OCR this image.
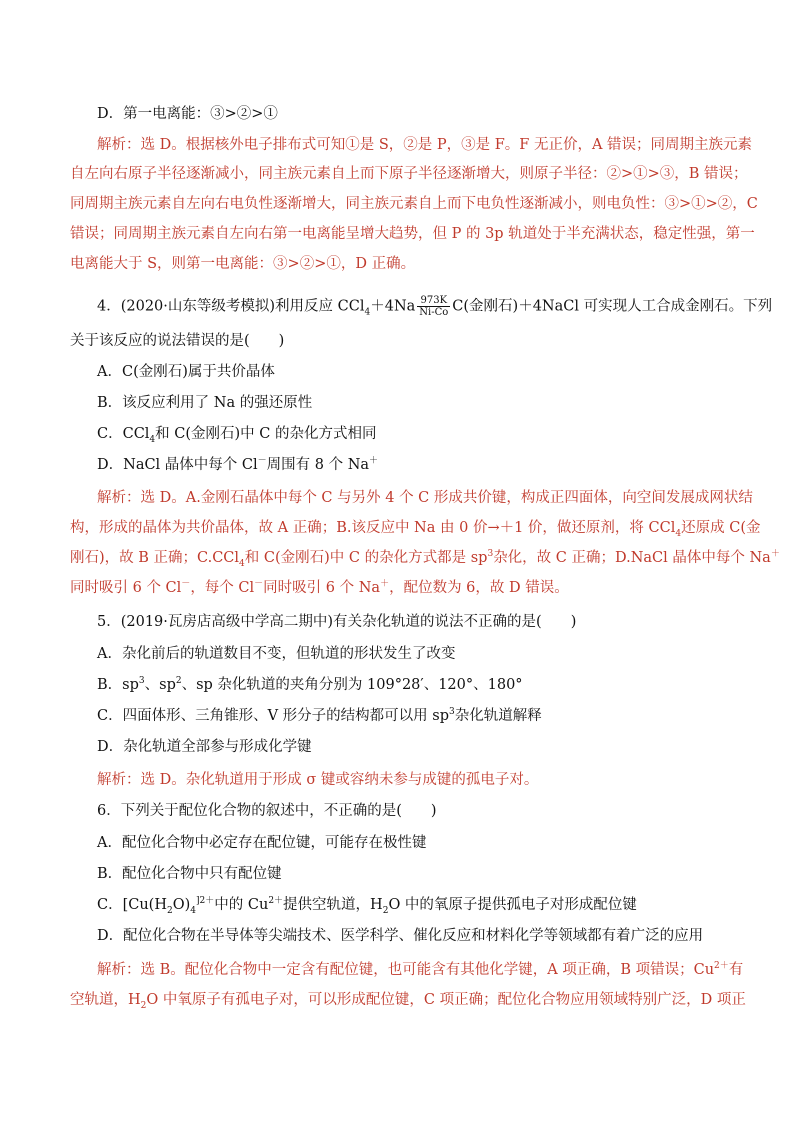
D．第一电离能：③>②>①
解析：选 D。根据核外电子排布式可知①是 S，②是 P，③是 F。F 无正价，A 错误；同周期主族元素
自左向右原子半径逐渐减小，同主族元素自上而下原子半径逐渐增大，则原子半径：②>①>③，B 错误；
同周期主族元素自左向右电负性逐渐增大，同主族元素自上而下电负性逐渐减小，则电负性：③>①>②，C
错误；同周期主族元素自左向右第一电离能呈增大趋势，但 P 的 3p 轨道处于半充满状态，稳定性强，第一
电离能大于 S，则第一电离能：③>②>①，D 正确。
4．(2020·山东等级考模拟)利用反应 $CCl_4+4Na \frac{973K}{Ni-Co} C$(金刚石)＋4NaCl 可实现人工合成金刚石。下列
关于该反应的说法错误的是(　　)
A．C(金刚石)属于共价晶体
B．该反应利用了 Na 的强还原性
C．CCl$_4$和 C(金刚石)中 C 的杂化方式相同
D．NaCl 晶体中每个 Cl－周围有 8 个 Na＋
解析：选 D。A.金刚石晶体中每个 C 与另外 4 个 C 形成共价键，构成正四面体，向空间发展成网状结
构，形成的晶体为共价晶体，故 A 正确；B.该反应中 Na 由 0 价→＋1 价，做还原剂，将 CCl$_4$还原成 C(金
刚石)，故 B 正确；C.CCl$_4$和 C(金刚石)中 C 的杂化方式都是 $sp^3$杂化，故 C 正确；D.NaCl 晶体中每个 Na＋
同时吸引 6 个 Cl－，每个 Cl－同时吸引 6 个 Na＋，配位数为 6，故 D 错误。
5．(2019·瓦房店高级中学高二期中)有关杂化轨道的说法不正确的是(　　)
A．杂化前后的轨道数目不变，但轨道的形状发生了改变
B．$sp^3$、$sp^2$、sp 杂化轨道的夹角分别为 109°28′、120°、180°
C．四面体形、三角锥形、V 形分子的结构都可以用 $sp^3$杂化轨道解释
D．杂化轨道全部参与形成化学键
解析：选 D。杂化轨道用于形成 σ 键或容纳未参与成键的孤电子对。
6．下列关于配位化合物的叙述中，不正确的是(　　)
A．配位化合物中必定存在配位键，可能存在极性键
B．配位化合物中只有配位键
C．[$Cu(H_2O)_4^{]2+}$中的 $Cu^{2+}$提供空轨道，$H_2O$ 中的氧原子提供孤电子对形成配位键
D．配位化合物在半导体等尖端技术、医学科学、催化反应和材料化学等领域都有着广泛的应用
解析：选 B。配位化合物中一定含有配位键，也可能含有其他化学键，A 项正确，B 项错误；$Cu^{2+}$有
空轨道，$H_2O$ 中氧原子有孤电子对，可以形成配位键，C 项正确；配位化合物应用领域特别广泛，D 项正
